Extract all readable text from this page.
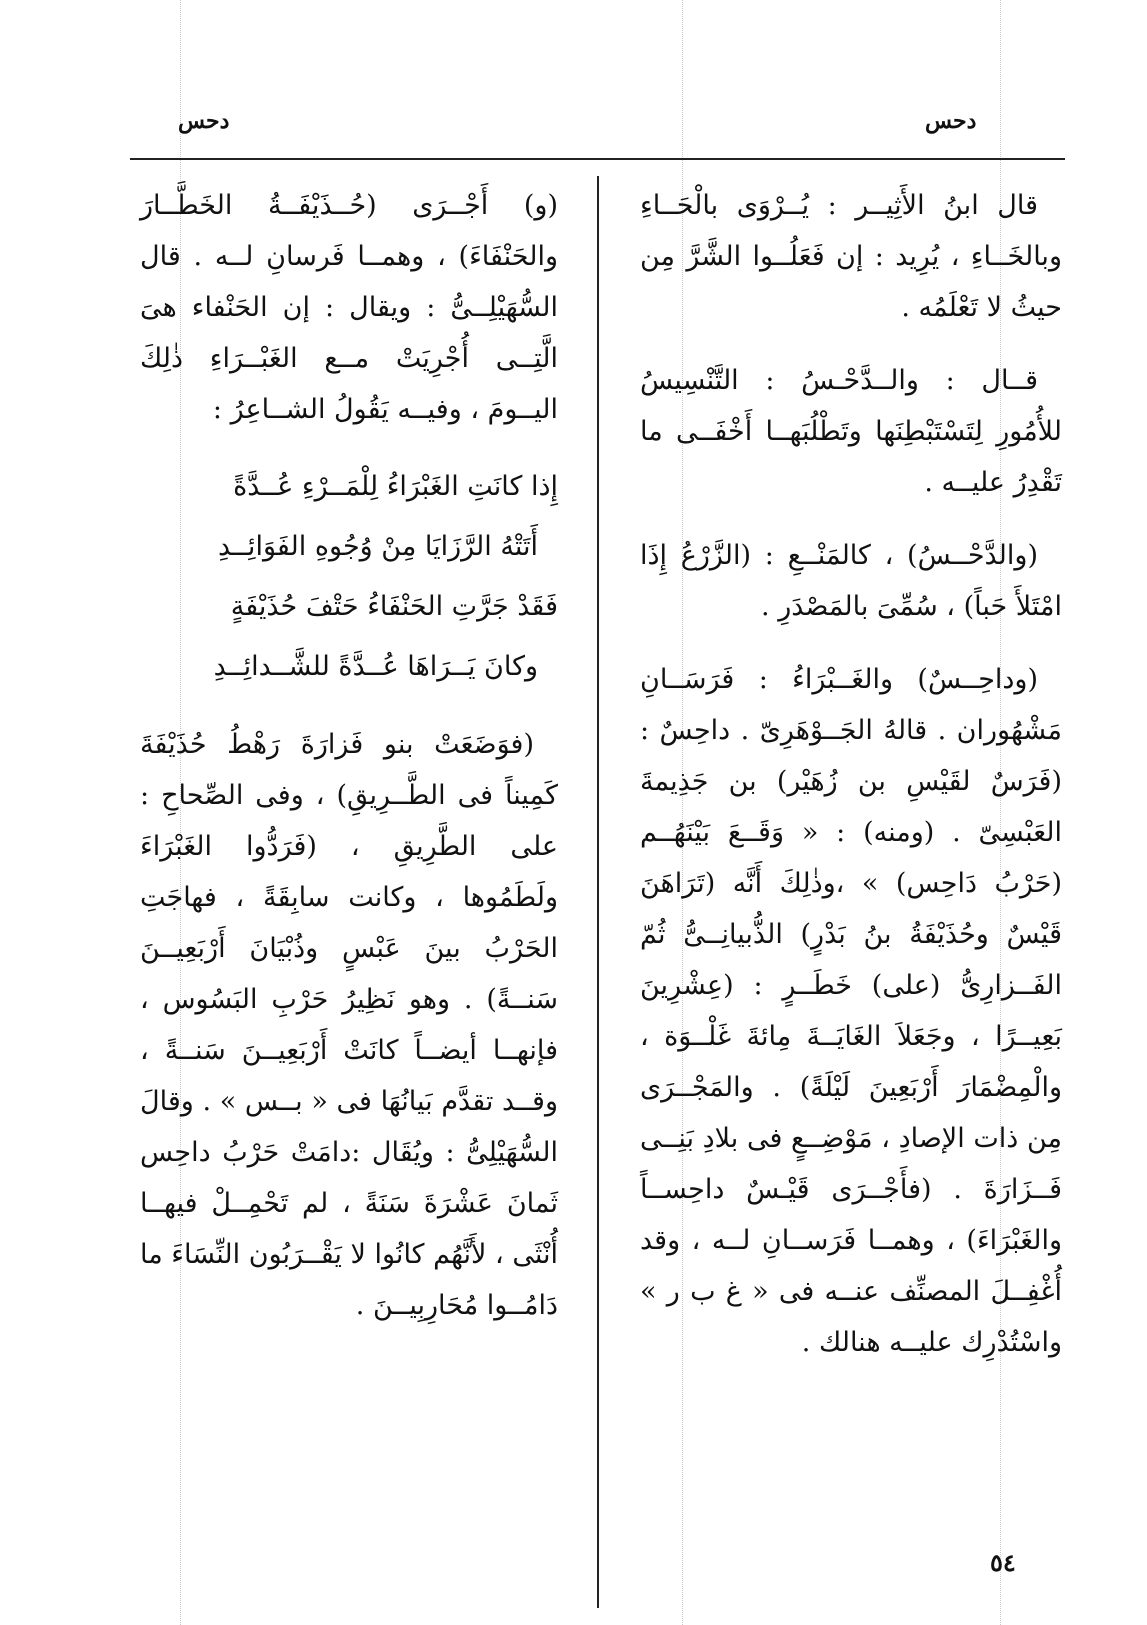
دحس
دحس

قال ابنُ الأَثِيــر : يُــرْوَى بالْحَــاءِ وبالخَــاءِ ، يُرِيد : إن فَعَلُــوا الشَّرَّ مِن حيثُ لا تَعْلَمُه .

قــال : والــدَّحْـسُ : التَّنْسِيسُ للأُمُورِ لِتَسْتَبْطِنَها وتَطْلُبَهــا أَخْفَــى ما تَقْدِرُ عليــه .

(والدَّحْــسُ) ، كالمَنْــعِ : (الزَّرْعُ إِذَا امْتَلأَ حَباً) ، سُمِّىَ بالمَصْدَرِ .

(وداحِــسٌ) والغَــبْرَاءُ : فَرَسَــانِ مَشْهُوران . قالهُ الجَــوْهَرِىّ . داحِسٌ : (فَرَسٌ لقَيْسِ بن زُهَيْر) بن جَذِيمةَ العَبْسِىّ . (ومنه) : « وَقَــعَ بَيْنَهُــم (حَرْبُ دَاحِس) » ،وذٰلِكَ أَنَّه (تَرَاهَنَ قَيْسٌ وحُذَيْفَةُ بنُ بَدْرٍ) الذُّبيانِــىُّ ثُمّ الفَــزارِىُّ (على) خَطَــرٍ : (عِشْرِينَ بَعِيــرًا ، وجَعَلاَ الغَايَــةَ مِائةَ غَلْــوَة ، والْمِضْمَارَ أَرْبَعِينَ لَيْلَةً) . والمَجْــرَى مِن ذات الإصادِ ، مَوْضِــعٍ فى بلادِ بَنِــى فَــزَارَةَ . (فأَجْــرَى قَيْـسٌ داحِســاً والغَبْرَاءَ) ، وهمــا فَرَســانِ لــه ، وقد أُغْفِــلَ المصنِّف عنــه فى « غ ب ر » واسْتُدْرِك عليــه هنالك .

(و) أَجْــرَى (حُــذَيْفَــةُ الخَطَّــارَ والحَنْفَاءَ) ، وهمــا فَرسانِ لــه . قال السُّهَيْلِــىُّ : ويقال : إن الحَنْفاء هىَ الَّتِــى أُجْرِيَتْ مــع الغَبْــرَاءِ ذٰلِكَ اليــومَ ، وفيــه يَقُولُ الشــاعِرُ :

إِذا كانَتِ الغَبْرَاءُ لِلْمَــرْءِ عُــدَّةً

أَتَتْهُ الرَّزَايَا مِنْ وُجُوهِ الفَوَائِــدِ

فَقَدْ جَرَّتِ الحَنْفَاءُ حَتْفَ حُذَيْفَةٍ

وكانَ يَــرَاهَا عُــدَّةً للشَّــدائِــدِ

(فوَضَعَتْ بنو فَزارَةَ رَهْطُ حُذَيْفَةَ كَمِيناً فى الطَّــرِيقِ) ، وفى الصِّحاحِ : على الطَّرِيقِ ، (فَرَدُّوا الغَبْرَاءَ ولَطَمُوها ، وكانت سابِقَةً ، فهاجَتِ الحَرْبُ بينَ عَبْسٍ وذُبْيَانَ أَرْبَعِيــنَ سَنــةً) . وهو نَظِيرُ حَرْبِ البَسُوس ، فإنهــا أيضــاً كانَتْ أَرْبَعِيــنَ سَنــةً ، وقــد تقدَّم بَيانُهَا فى « بــس » . وقالَ السُّهَيْلِىُّ : ويُقَال :دامَتْ حَرْبُ داحِس ثَمانَ عَشْرَةَ سَنَةً ، لم تَحْمِــلْ فيهــا أُنْثَى ، لأَنَّهُم كانُوا لا يَقْــرَبُون النِّسَاءَ ما دَامُــوا مُحَارِبِيــنَ .

٥٤
